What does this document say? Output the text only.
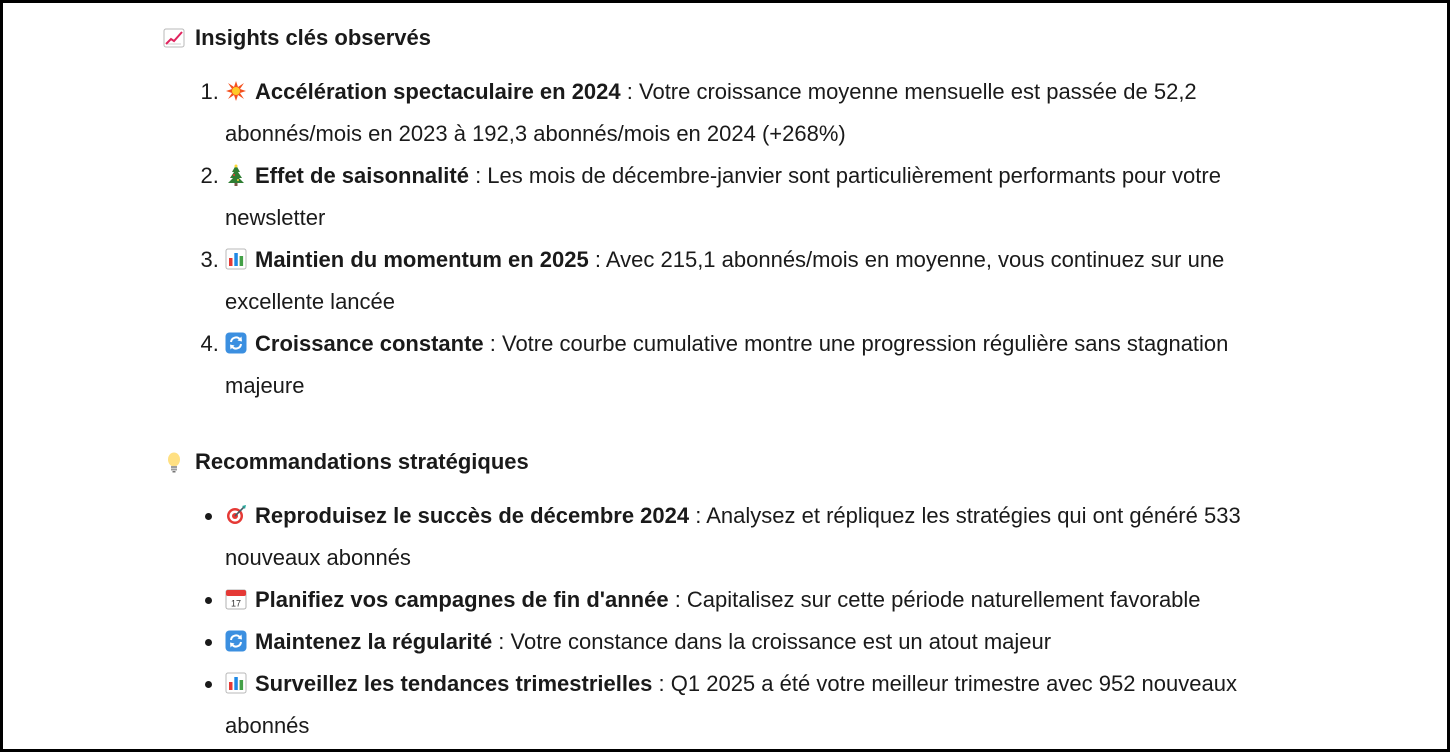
Insights clés observés
1. Accélération spectaculaire en 2024 : Votre croissance moyenne mensuelle est passée de 52,2 abonnés/mois en 2023 à 192,3 abonnés/mois en 2024 (+268%)
2. Effet de saisonnalité : Les mois de décembre-janvier sont particulièrement performants pour votre newsletter
3. Maintien du momentum en 2025 : Avec 215,1 abonnés/mois en moyenne, vous continuez sur une excellente lancée
4. Croissance constante : Votre courbe cumulative montre une progression régulière sans stagnation majeure
Recommandations stratégiques
• Reproduisez le succès de décembre 2024 : Analysez et répliquez les stratégies qui ont généré 533 nouveaux abonnés
• 17 Planifiez vos campagnes de fin d'année : Capitalisez sur cette période naturellement favorable
• Maintenez la régularité : Votre constance dans la croissance est un atout majeur
• Surveillez les tendances trimestrielles : Q1 2025 a été votre meilleur trimestre avec 952 nouveaux abonnés
